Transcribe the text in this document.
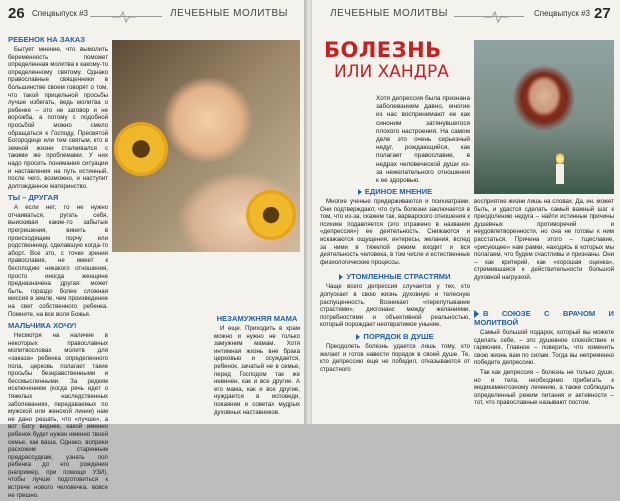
26 Спецвыпуск #3	ЛЕЧЕБНЫЕ МОЛИТВЫ
РЕБЕНОК НА ЗАКАЗ

Бытует мнение, что вымолить беременность поможет определенная молитва к какому-то определенному святому. Однако православные священники в большинстве своем говорят о том, что такой прицельной просьбы лучше избегать, ведь молитва о ребенке – это не заговор и не ворожба, а потому с подобной просьбой можно смело обращаться к Господу, Пресвятой Богородице или тем святым, кто в земной жизни сталкивался с такими же проблемами. У них надо просить понимания ситуации и наставления на путь истинный, после чего, возможно, и наступит долгожданное материнство.

ТЫ – ДРУГАЯ

А если нет, то не нужно отчаиваться, ругать себя, выискивая какие-то забытые прегрешения, винить в происходящем порчу или родственницу, сделавшую когда-то аборт. Все это, с точки зрения православия, не имеет к бесплодию никакого отношения, просто иногда женщине предназначена другая: может быть, гораздо более сложная миссия в земле, чем произведение на свет собственного ребенка. Помните, на все воля Божья.

МАЛЬЧИКА ХОЧУ!

Несмотря на наличие в некоторых православных молитвословах молитв для «заказа» ребенка определенного пола, церковь полагает такие просьбы безнравственными и бессмысленными. За редким исключением (когда речь идет о тяжелых наследственных заболеваниях, передаваемых по мужской или женской линии) нам не дано решать, что «лучше», а вот Богу виднее, какой именно ребенок будет нужен именно твоей семье, как ваша. Однако, вопреки расхожим старинным предрассудкам, узнать пол ребенка до его рождения (например, при помощи УЗИ), чтобы лучше подготовиться к встрече нового человечка, вовсе не грешно.

НЕЗАМУЖНЯЯ МАМА

И еще. Приходить в храм можно и нужно не только замужним мамам. Хотя интимная жизнь вне брака церковью и осуждается, ребенок, зачатый не в семье, перед Господом так же невинен, как и все другие. А его мама, как и все другие, нуждается в исповеди, покаянии и советах мудрых духовных наставников.

ЛЕЧЕБНЫЕ МОЛИТВЫ	Спецвыпуск #3 27
БОЛЕЗНЬ
ИЛИ ХАНДРА
Хотя депрессия была признана заболеванием давно, многие из нас воспринимают ее как синоним затянувшегося плохого настроения. На самом деле это очень серьезный недуг, рождающийся, как полагает православие, в недрах человеческой души из-за нежелательного отношения к ее здоровью.
ЕДИНОЕ МНЕНИЕ

Многие ученые придерживаются и психиатрами. Они подтверждают, что суть болезни заключается в том, что из-за, скажем так, варварского отношения к психике подавляется (это отражено в названии «депрессия») ее деятельность. Снижаются и искажаются ощущения, интересы, желания, вслед за ними в тяжелой режим входит и вся деятельность человека, в том числе и естественные физиологические процессы.

УТОМЛЕННЫЕ СТРАСТЯМИ

Чаще всего депрессия случается у тех, кто допускает в свою жизнь духовную и телесную распущенность. Возникает «перепутывание страстями», дисгонанс между желаниями, потребностями и объективной реальностью, который порождает неотвратимое уныние.

ПОРЯДОК В ДУШЕ

Преодолеть болезнь удается лишь тому, кто желает и готов навести порядок в своей душе. Те, кто депрессию еще не победил, отказываются от страстного

восприятие жизни лишь на словах. Да, ин. может быть, и удастся сделать самый важный шаг к преодолению недуга – найти истинные причины душевных противоречий и неудовлетворенности, но она не готовы к ним расстаться. Причина этого – тщеславие, «рисующее» нам рамки, находясь в которых мы полагаем, что будем счастливы и признаны. Они – как критерий, как «хорошая оценка», стремившаяся к действительности большой духовной нагрузкой.
В СОЮЗЕ С ВРАЧОМ И МОЛИТВОЙ

Самый большой подарок, который вы можете сделать себе, – это душевное спокойствие и гармония. Главное – поверить, что изменить свою жизнь вам по силам. Тогда вы непременно победите депрессию.

Так как депрессия – болезнь не только души, но и тела, необходимо прибегать к медикаментозному лечению, а также соблюдать определенный режим питания и активности – тот, что православные называют постом.
